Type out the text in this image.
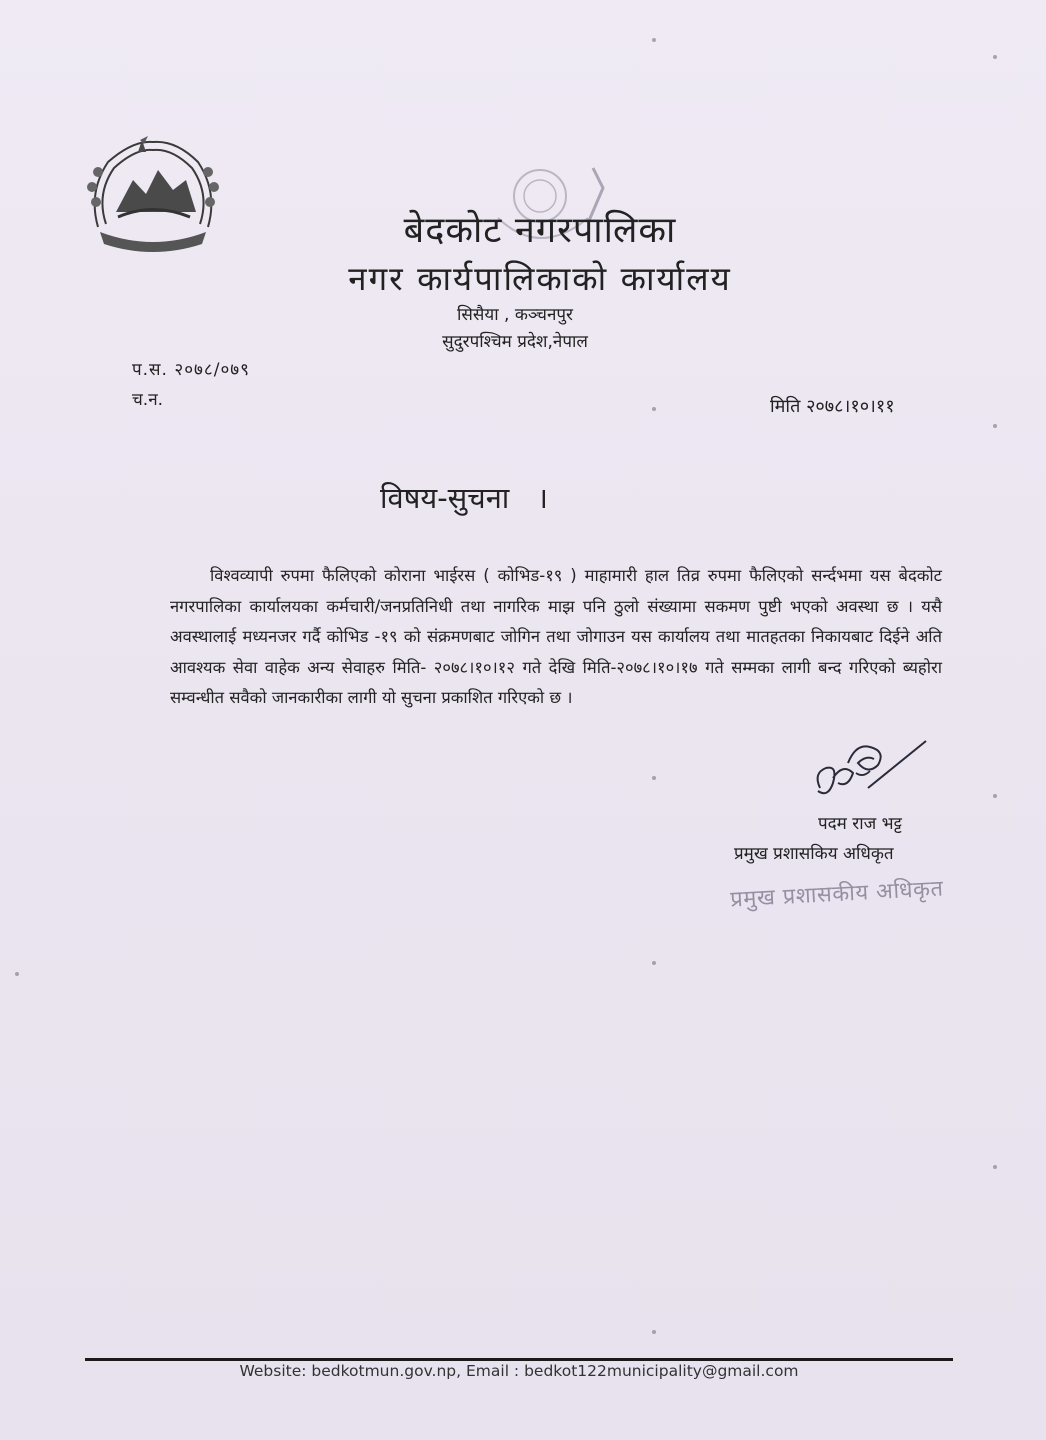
बेदकोट नगरपालिका
नगर कार्यपालिकाको कार्यालय
सिसैया , कञ्चनपुर
सुदुरपश्चिम प्रदेश,नेपाल
प.स. २०७८/०७९
च.न.	मिति २०७८।१०।११
विषय-सुचना   ।
विश्वव्यापी रुपमा फैलिएको कोराना भाईरस ( कोभिड-१९ ) माहामारी हाल तिव्र रुपमा फैलिएको सर्न्दभमा यस बेदकोट नगरपालिका कार्यालयका कर्मचारी/जनप्रतिनिधी तथा नागरिक माझ पनि ठुलो संख्यामा सकमण पुष्टी भएको अवस्था छ । यसै अवस्थालाई मध्यनजर गर्दै कोभिड -१९ को संक्रमणबाट जोगिन तथा जोगाउन यस कार्यालय तथा मातहतका निकायबाट दिईने अति आवश्यक सेवा वाहेक अन्य सेवाहरु मिति- २०७८।१०।१२ गते देखि मिति-२०७८।१०।१७ गते सम्मका लागी बन्द गरिएको ब्यहोरा सम्वन्धीत सवैको जानकारीका लागी यो सुचना प्रकाशित गरिएको छ ।
पदम राज भट्ट
प्रमुख प्रशासकिय अधिकृत
प्रमुख प्रशासकीय अधिकृत
Website: bedkotmun.gov.np, Email : bedkot122municipality@gmail.com
